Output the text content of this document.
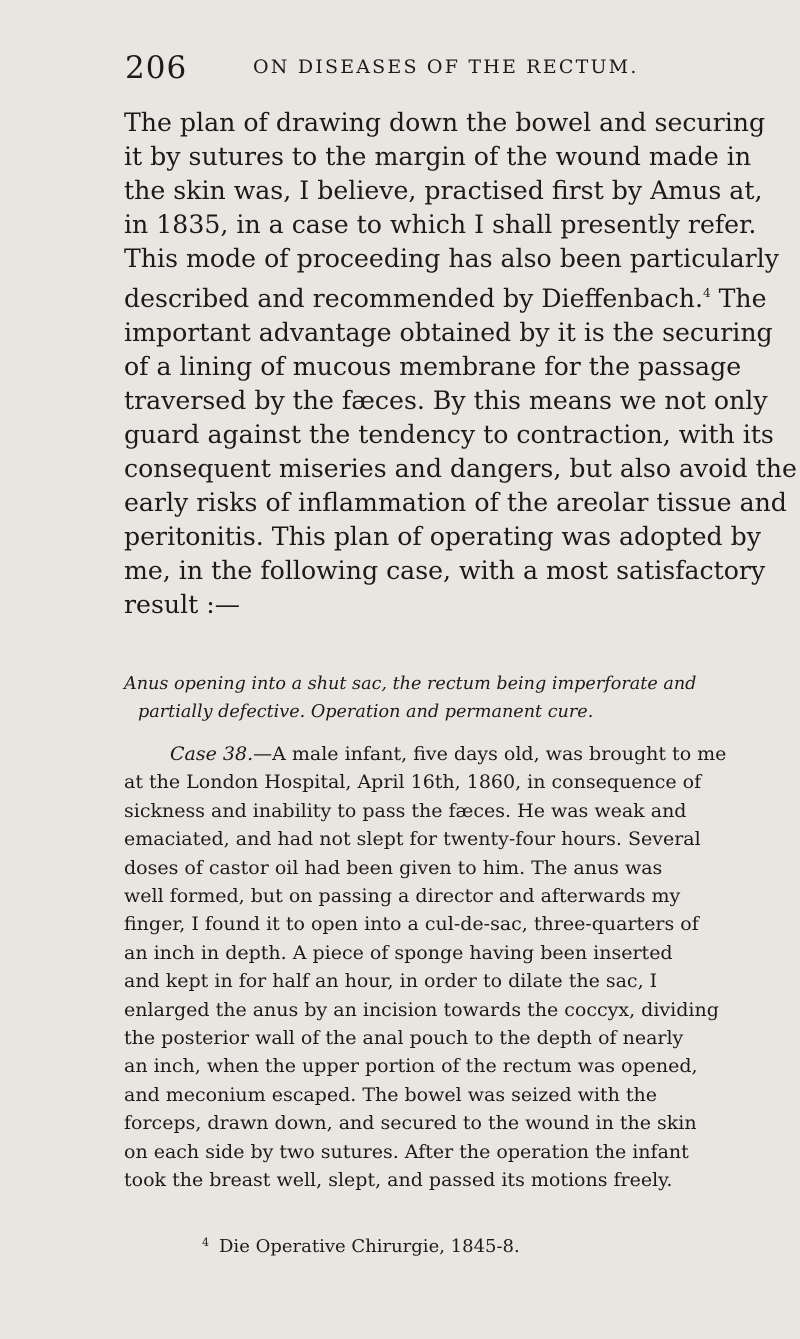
206	ON DISEASES OF THE RECTUM.
The plan of drawing down the bowel and securing
it by sutures to the margin of the wound made in
the skin was, I believe, practised first by Amus at,
in 1835, in a case to which I shall presently refer.
This mode of proceeding has also been particularly
described and recommended by Dieffenbach.$^4$ The
important advantage obtained by it is the securing
of a lining of mucous membrane for the passage
traversed by the fæces. By this means we not only
guard against the tendency to contraction, with its
consequent miseries and dangers, but also avoid the
early risks of inflammation of the areolar tissue and
peritonitis. This plan of operating was adopted by
me, in the following case, with a most satisfactory
result :—
Anus opening into a shut sac, the rectum being imperforate and
partially defective. Operation and permanent cure.
Case 38.—A male infant, five days old, was brought to me
at the London Hospital, April 16th, 1860, in consequence of
sickness and inability to pass the fæces. He was weak and
emaciated, and had not slept for twenty-four hours. Several
doses of castor oil had been given to him. The anus was
well formed, but on passing a director and afterwards my
finger, I found it to open into a cul-de-sac, three-quarters of
an inch in depth. A piece of sponge having been inserted
and kept in for half an hour, in order to dilate the sac, I
enlarged the anus by an incision towards the coccyx, dividing
the posterior wall of the anal pouch to the depth of nearly
an inch, when the upper portion of the rectum was opened,
and meconium escaped. The bowel was seized with the
forceps, drawn down, and secured to the wound in the skin
on each side by two sutures. After the operation the infant
took the breast well, slept, and passed its motions freely.
$^4$ Die Operative Chirurgie, 1845-8.
